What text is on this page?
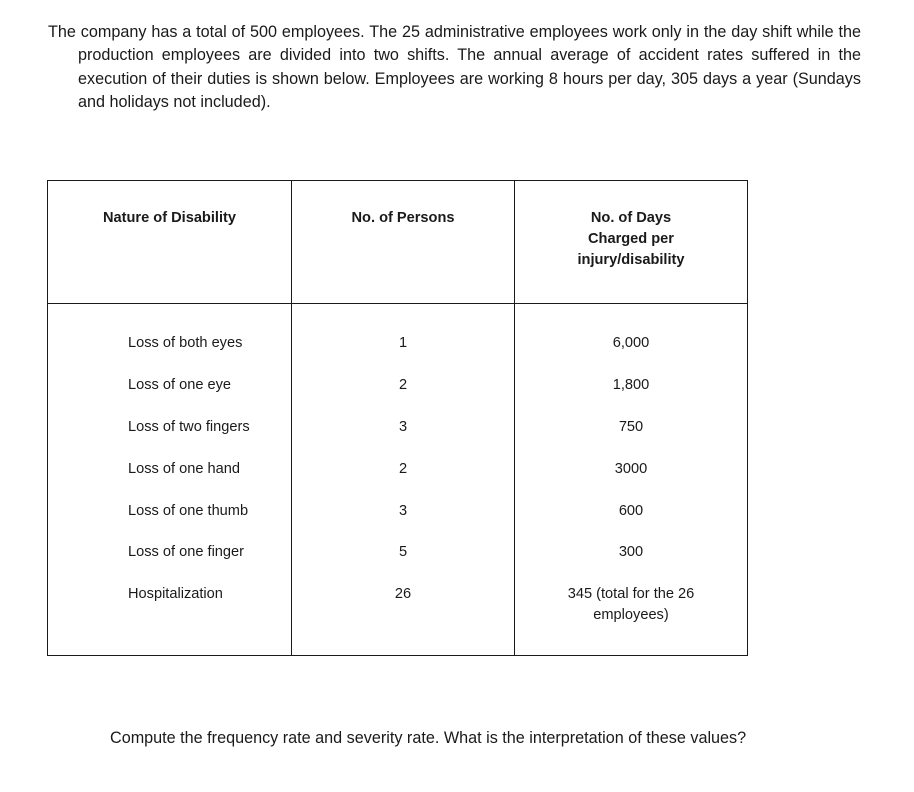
The company has a total of 500 employees. The 25 administrative employees work only in the day shift while the production employees are divided into two shifts. The annual average of accident rates suffered in the execution of their duties is shown below. Employees are working 8 hours per day, 305 days a year (Sundays and holidays not included).

Nature of Disability	No. of Persons	No. of Days Charged per injury/disability

Loss of both eyes	1	6,000

Loss of one eye	2	1,800

Loss of two fingers	3	750

Loss of one hand	2	3000

Loss of one thumb	3	600

Loss of one finger	5	300

Hospitalization	26	345 (total for the 26 employees)

Compute the frequency rate and severity rate. What is the interpretation of these values?
